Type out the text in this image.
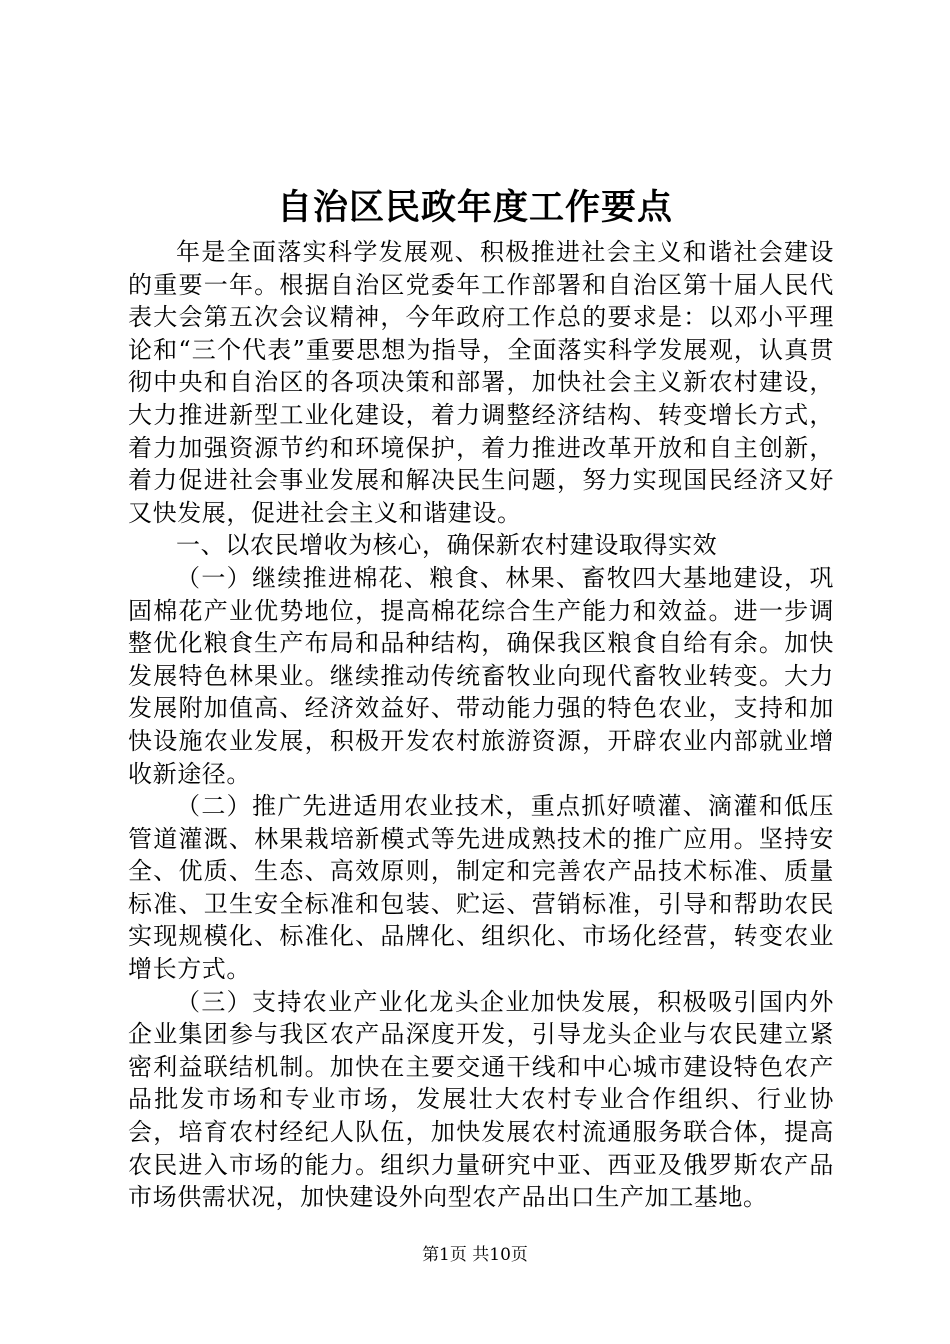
自治区民政年度工作要点

年是全面落实科学发展观、积极推进社会主义和谐社会建设的重要一年。根据自治区党委年工作部署和自治区第十届人民代表大会第五次会议精神，今年政府工作总的要求是：以邓小平理论和“三个代表”重要思想为指导，全面落实科学发展观，认真贯彻中央和自治区的各项决策和部署，加快社会主义新农村建设，大力推进新型工业化建设，着力调整经济结构、转变增长方式，着力加强资源节约和环境保护，着力推进改革开放和自主创新，着力促进社会事业发展和解决民生问题，努力实现国民经济又好又快发展，促进社会主义和谐建设。

一、以农民增收为核心，确保新农村建设取得实效

（一）继续推进棉花、粮食、林果、畜牧四大基地建设，巩固棉花产业优势地位，提高棉花综合生产能力和效益。进一步调整优化粮食生产布局和品种结构，确保我区粮食自给有余。加快发展特色林果业。继续推动传统畜牧业向现代畜牧业转变。大力发展附加值高、经济效益好、带动能力强的特色农业，支持和加快设施农业发展，积极开发农村旅游资源，开辟农业内部就业增收新途径。

（二）推广先进适用农业技术，重点抓好喷灌、滴灌和低压管道灌溉、林果栽培新模式等先进成熟技术的推广应用。坚持安全、优质、生态、高效原则，制定和完善农产品技术标准、质量标准、卫生安全标准和包装、贮运、营销标准，引导和帮助农民实现规模化、标准化、品牌化、组织化、市场化经营，转变农业增长方式。

（三）支持农业产业化龙头企业加快发展，积极吸引国内外企业集团参与我区农产品深度开发，引导龙头企业与农民建立紧密利益联结机制。加快在主要交通干线和中心城市建设特色农产品批发市场和专业市场，发展壮大农村专业合作组织、行业协会，培育农村经纪人队伍，加快发展农村流通服务联合体，提高农民进入市场的能力。组织力量研究中亚、西亚及俄罗斯农产品市场供需状况，加快建设外向型农产品出口生产加工基地。

第1页 共10页
